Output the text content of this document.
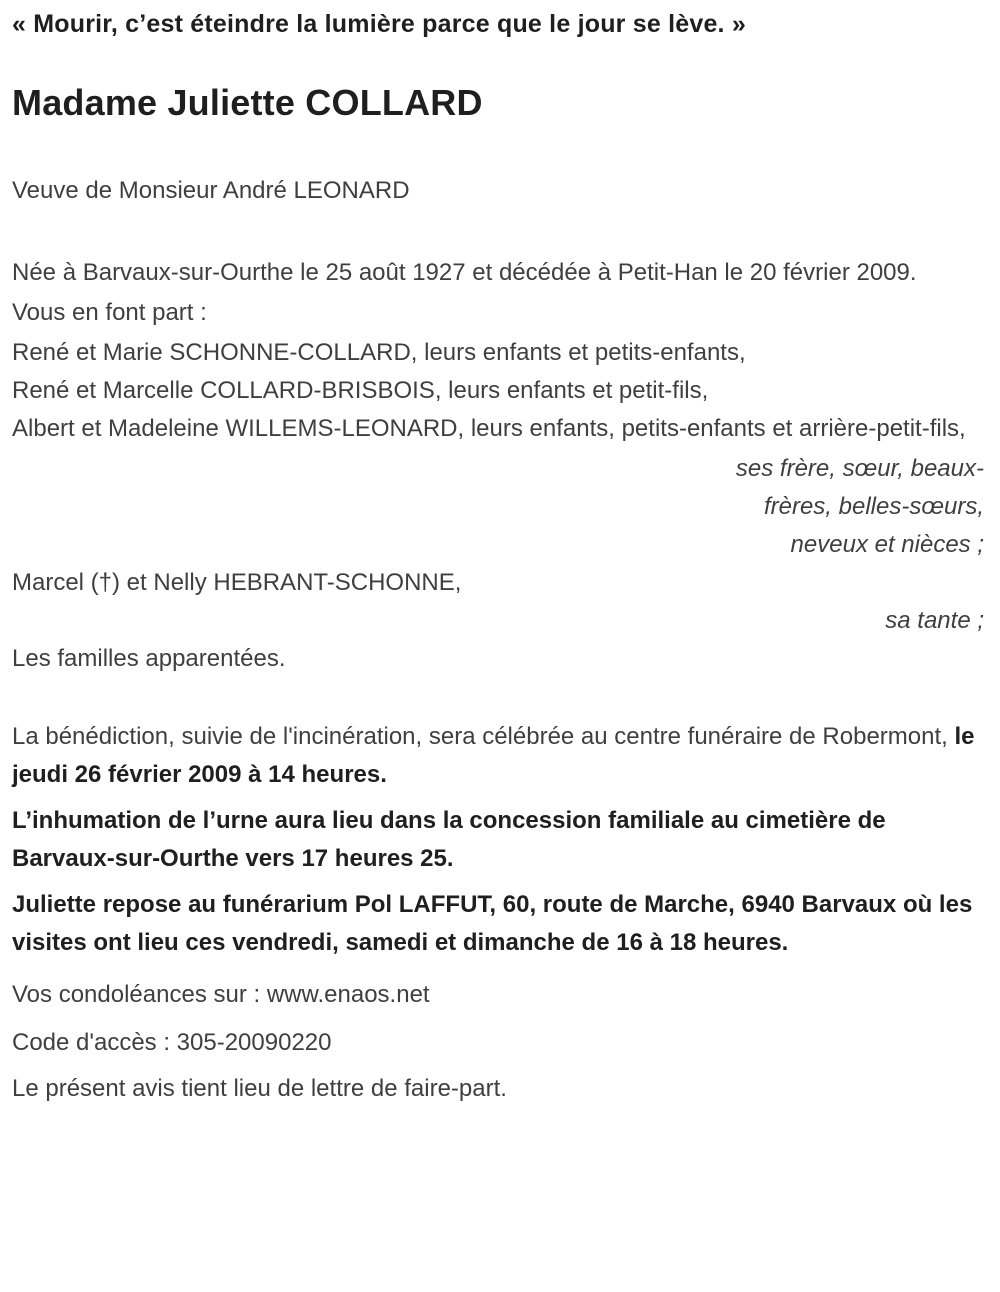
« Mourir, c’est éteindre la lumière parce que le jour se lève. »

Madame Juliette COLLARD

Veuve de Monsieur André LEONARD

Née à Barvaux-sur-Ourthe le 25 août 1927 et décédée à Petit-Han le 20 février 2009.

Vous en font part :

René et Marie SCHONNE-COLLARD, leurs enfants et petits-enfants,

René et Marcelle COLLARD-BRISBOIS, leurs enfants et petit-fils,

Albert et Madeleine WILLEMS-LEONARD, leurs enfants, petits-enfants et arrière-petit-fils,

ses frère, sœur, beaux-frères, belles-sœurs, neveux et nièces ;

Marcel (†) et Nelly HEBRANT-SCHONNE,

sa tante ;

Les familles apparentées.

La bénédiction, suivie de l'incinération, sera célébrée au centre funéraire de Robermont, le jeudi 26 février 2009 à 14 heures.

L’inhumation de l’urne aura lieu dans la concession familiale au cimetière de Barvaux-sur-Ourthe vers 17 heures 25.

Juliette repose au funérarium Pol LAFFUT, 60, route de Marche, 6940 Barvaux où les visites ont lieu ces vendredi, samedi et dimanche de 16 à 18 heures.

Vos condoléances sur : www.enaos.net

Code d'accès : 305-20090220

Le présent avis tient lieu de lettre de faire-part.
